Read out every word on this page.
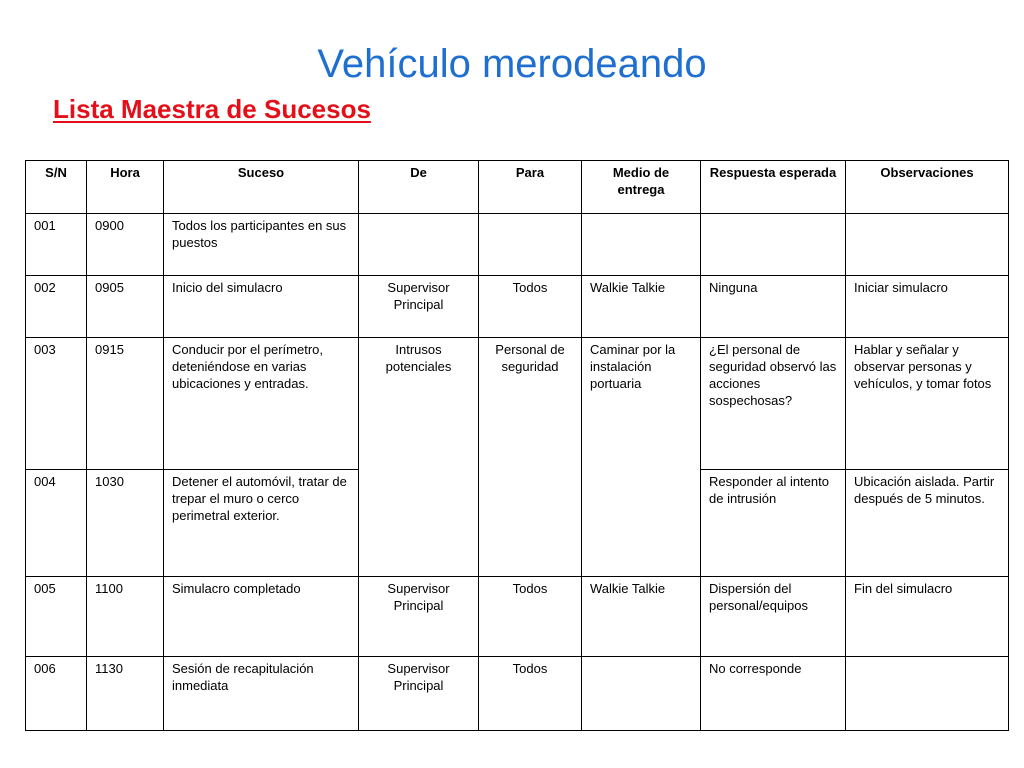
Vehículo merodeando
Lista Maestra de Sucesos
S/N	Hora	Suceso	De	Para	Medio de entrega	Respuesta esperada	Observaciones
001	0900	Todos los participantes en sus puestos					
002	0905	Inicio del simulacro	Supervisor Principal	Todos	Walkie Talkie	Ninguna	Iniciar simulacro
003	0915	Conducir por el perímetro, deteniéndose en varias ubicaciones y entradas.	Intrusos potenciales	Personal de seguridad	Caminar por la instalación portuaria	¿El personal de seguridad observó las acciones sospechosas?	Hablar y señalar y observar personas y vehículos, y tomar fotos
004	1030	Detener el automóvil, tratar de trepar el muro o cerco perimetral exterior.				Responder al intento de intrusión	Ubicación aislada. Partir después de 5 minutos.
005	1100	Simulacro completado	Supervisor Principal	Todos	Walkie Talkie	Dispersión del personal/equipos	Fin del simulacro
006	1130	Sesión de recapitulación inmediata	Supervisor Principal	Todos		No corresponde	
